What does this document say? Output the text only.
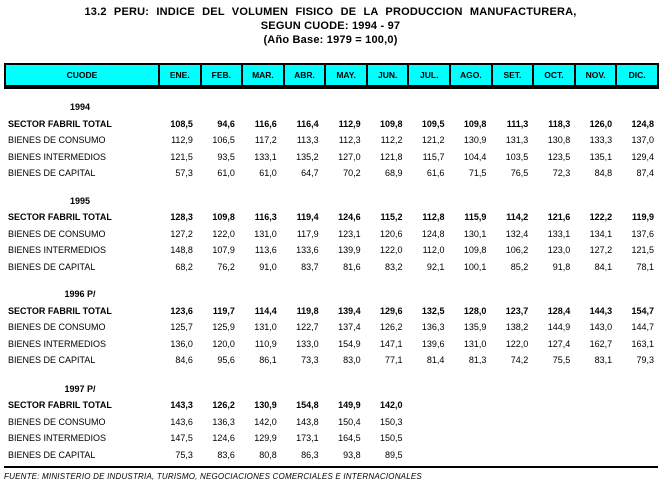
13.2 PERU: INDICE DEL VOLUMEN FISICO DE LA PRODUCCION MANUFACTURERA,
SEGUN CUODE: 1994 - 97
(Año Base: 1979 = 100,0)
CUODE	ENE.	FEB.	MAR.	ABR.	MAY.	JUN.	JUL.	AGO.	SET.	OCT.	NOV.	DIC.
1994
SECTOR FABRIL TOTAL	108,5	94,6	116,6	116,4	112,9	109,8	109,5	109,8	111,3	118,3	126,0	124,8
BIENES DE CONSUMO	112,9	106,5	117,2	113,3	112,3	112,2	121,2	130,9	131,3	130,8	133,3	137,0
BIENES INTERMEDIOS	121,5	93,5	133,1	135,2	127,0	121,8	115,7	104,4	103,5	123,5	135,1	129,4
BIENES DE CAPITAL	57,3	61,0	61,0	64,7	70,2	68,9	61,6	71,5	76,5	72,3	84,8	87,4
1995
SECTOR FABRIL TOTAL	128,3	109,8	116,3	119,4	124,6	115,2	112,8	115,9	114,2	121,6	122,2	119,9
BIENES DE CONSUMO	127,2	122,0	131,0	117,9	123,1	120,6	124,8	130,1	132,4	133,1	134,1	137,6
BIENES INTERMEDIOS	148,8	107,9	113,6	133,6	139,9	122,0	112,0	109,8	106,2	123,0	127,2	121,5
BIENES DE CAPITAL	68,2	76,2	91,0	83,7	81,6	83,2	92,1	100,1	85,2	91,8	84,1	78,1
1996 P/
SECTOR FABRIL TOTAL	123,6	119,7	114,4	119,8	139,4	129,6	132,5	128,0	123,7	128,4	144,3	154,7
BIENES DE CONSUMO	125,7	125,9	131,0	122,7	137,4	126,2	136,3	135,9	138,2	144,9	143,0	144,7
BIENES INTERMEDIOS	136,0	120,0	110,9	133,0	154,9	147,1	139,6	131,0	122,0	127,4	162,7	163,1
BIENES DE CAPITAL	84,6	95,6	86,1	73,3	83,0	77,1	81,4	81,3	74,2	75,5	83,1	79,3
1997 P/
SECTOR FABRIL TOTAL	143,3	126,2	130,9	154,8	149,9	142,0
BIENES DE CONSUMO	143,6	136,3	142,0	143,8	150,4	150,3
BIENES INTERMEDIOS	147,5	124,6	129,9	173,1	164,5	150,5
BIENES DE CAPITAL	75,3	83,6	80,8	86,3	93,8	89,5
FUENTE: MINISTERIO DE INDUSTRIA, TURISMO, NEGOCIACIONES COMERCIALES E INTERNACIONALES
